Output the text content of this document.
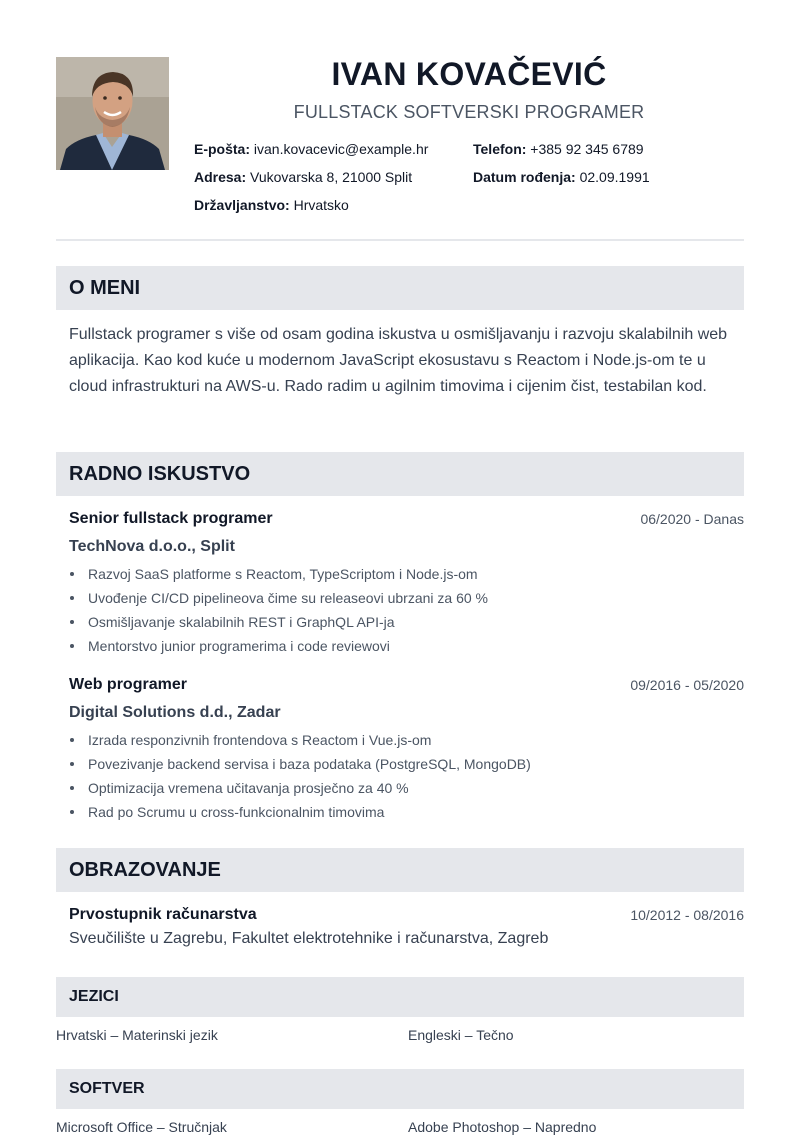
IVAN KOVAČEVIĆ
FULLSTACK SOFTVERSKI PROGRAMER
E-pošta: ivan.kovacevic@example.hr	Telefon: +385 92 345 6789
Adresa: Vukovarska 8, 21000 Split	Datum rođenja: 02.09.1991
Državljanstvo: Hrvatsko
O MENI
Fullstack programer s više od osam godina iskustva u osmišljavanju i razvoju skalabilnih web aplikacija. Kao kod kuće u modernom JavaScript ekosustavu s Reactom i Node.js-om te u cloud infrastrukturi na AWS-u. Rado radim u agilnim timovima i cijenim čist, testabilan kod.
RADNO ISKUSTVO
Senior fullstack programer	06/2020 - Danas
TechNova d.o.o., Split
Razvoj SaaS platforme s Reactom, TypeScriptom i Node.js-om
Uvođenje CI/CD pipelineova čime su releaseovi ubrzani za 60 %
Osmišljavanje skalabilnih REST i GraphQL API-ja
Mentorstvo junior programerima i code reviewovi
Web programer	09/2016 - 05/2020
Digital Solutions d.d., Zadar
Izrada responzivnih frontendova s Reactom i Vue.js-om
Povezivanje backend servisa i baza podataka (PostgreSQL, MongoDB)
Optimizacija vremena učitavanja prosječno za 40 %
Rad po Scrumu u cross-funkcionalnim timovima
OBRAZOVANJE
Prvostupnik računarstva	10/2012 - 08/2016
Sveučilište u Zagrebu, Fakultet elektrotehnike i računarstva, Zagreb
JEZICI
Hrvatski – Materinski jezik	Engleski – Tečno
SOFTVER
Microsoft Office – Stručnjak	Adobe Photoshop – Napredno
